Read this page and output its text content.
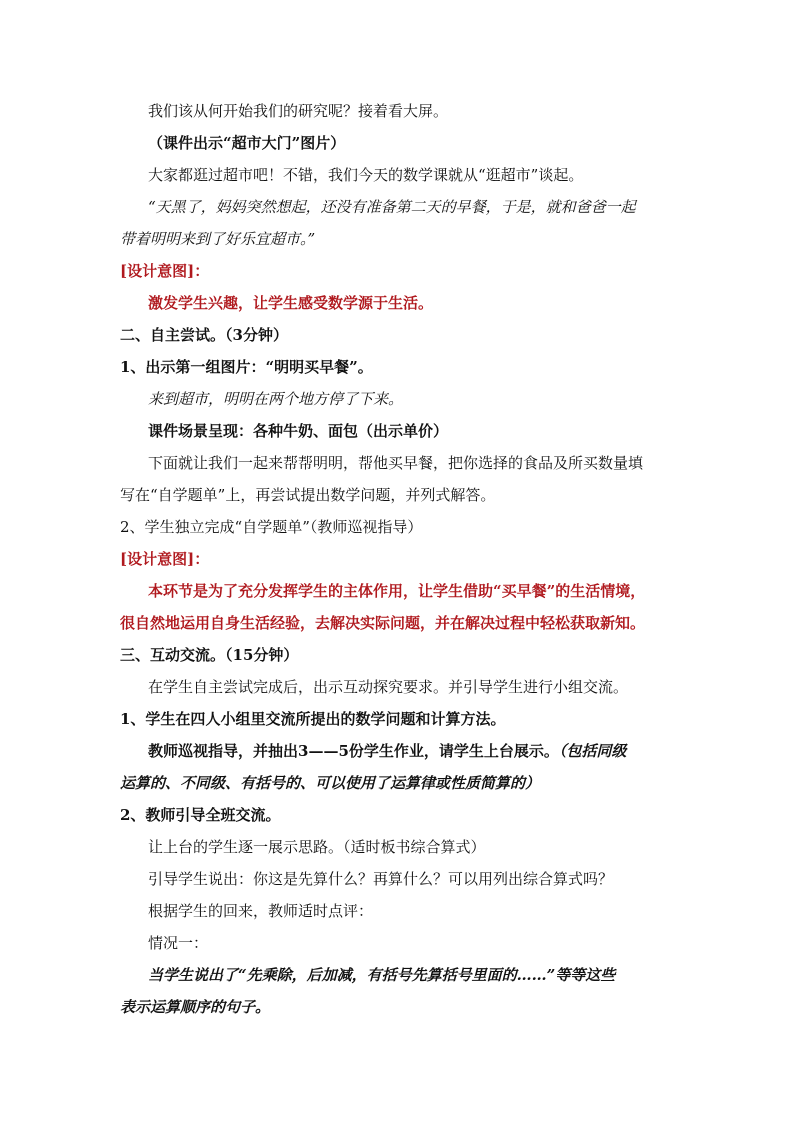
我们该从何开始我们的研究呢？接着看大屏。
（课件出示“超市大门”图片）
大家都逛过超市吧！不错，我们今天的数学课就从“逛超市”谈起。
“天黑了，妈妈突然想起，还没有准备第二天的早餐，于是，就和爸爸一起
带着明明来到了好乐宜超市。”
[设计意图]：
激发学生兴趣，让学生感受数学源于生活。
二、自主尝试。（3分钟）
1、出示第一组图片：“明明买早餐”。
来到超市，明明在两个地方停了下来。
课件场景呈现：各种牛奶、面包（出示单价）
下面就让我们一起来帮帮明明，帮他买早餐，把你选择的食品及所买数量填
写在“自学题单”上，再尝试提出数学问题，并列式解答。
2、学生独立完成“自学题单”（教师巡视指导）
[设计意图]：
本环节是为了充分发挥学生的主体作用，让学生借助“买早餐”的生活情境，
很自然地运用自身生活经验，去解决实际问题，并在解决过程中轻松获取新知。
三、互动交流。（15分钟）
在学生自主尝试完成后，出示互动探究要求。并引导学生进行小组交流。
1、学生在四人小组里交流所提出的数学问题和计算方法。
教师巡视指导，并抽出3——5份学生作业，请学生上台展示。（包括同级
运算的、不同级、有括号的、可以使用了运算律或性质简算的）
2、教师引导全班交流。
让上台的学生逐一展示思路。（适时板书综合算式）
引导学生说出：你这是先算什么？再算什么？可以用列出综合算式吗？
根据学生的回来，教师适时点评：
情况一：
当学生说出了“先乘除，后加减，有括号先算括号里面的……”等等这些
表示运算顺序的句子。
